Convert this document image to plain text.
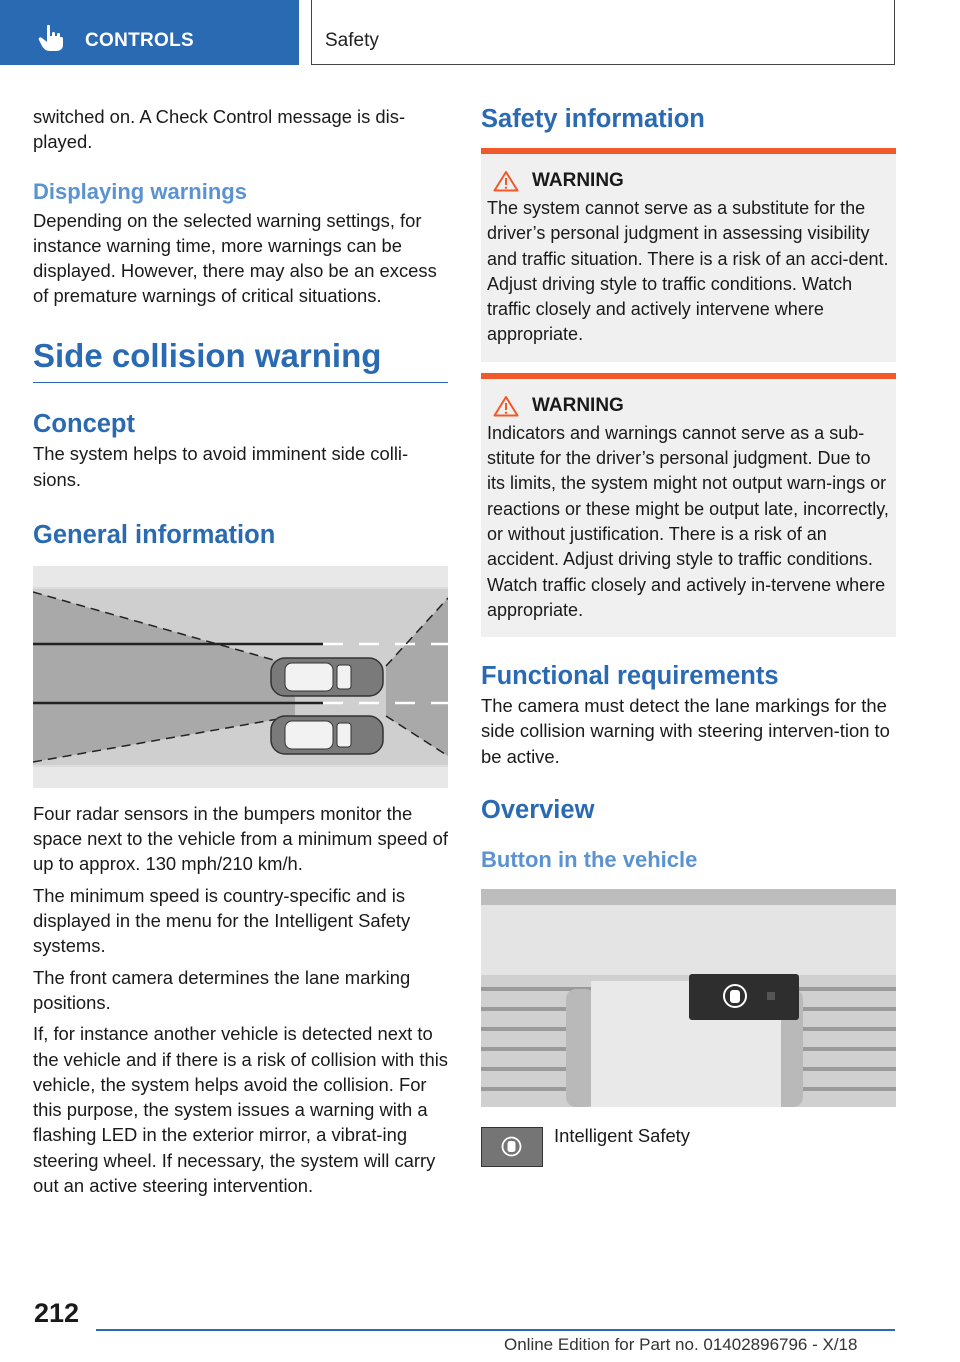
CONTROLS	Safety

switched on. A Check Control message is dis‐played.

Displaying warnings

Depending on the selected warning settings, for instance warning time, more warnings can be displayed. However, there may also be an excess of premature warnings of critical situations.

Side collision warning
Concept

The system helps to avoid imminent side colli‐sions.

General information

Four radar sensors in the bumpers monitor the space next to the vehicle from a minimum speed of up to approx. 130 mph/210 km/h.

The minimum speed is country-specific and is displayed in the menu for the Intelligent Safety systems.

The front camera determines the lane marking positions.

If, for instance another vehicle is detected next to the vehicle and if there is a risk of collision with this vehicle, the system helps avoid the collision. For this purpose, the system issues a warning with a flashing LED in the exterior mirror, a vibrat‐ing steering wheel. If necessary, the system will carry out an active steering intervention.

Safety information
WARNING

The system cannot serve as a substitute for the driver’s personal judgment in assessing visibility and traffic situation. There is a risk of an acci‐dent. Adjust driving style to traffic conditions. Watch traffic closely and actively intervene where appropriate.

WARNING

Indicators and warnings cannot serve as a sub‐stitute for the driver’s personal judgment. Due to its limits, the system might not output warn‐ings or reactions or these might be output late, incorrectly, or without justification. There is a risk of an accident. Adjust driving style to traffic conditions. Watch traffic closely and actively in‐tervene where appropriate.

Functional requirements

The camera must detect the lane markings for the side collision warning with steering interven‐tion to be active.

Overview
Button in the vehicle
Intelligent Safety
212
Online Edition for Part no. 01402896796 - X/18
